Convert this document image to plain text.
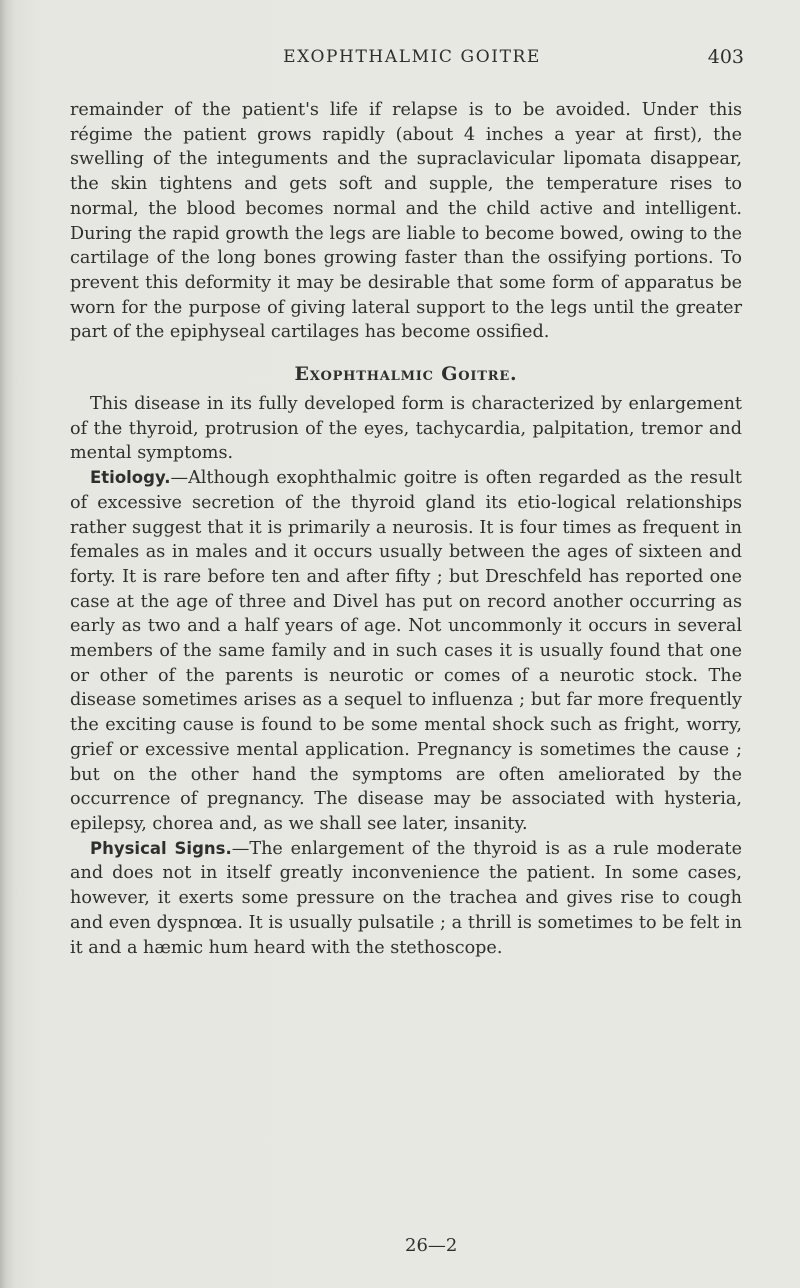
EXOPHTHALMIC GOITRE	403

remainder of the patient's life if relapse is to be avoided. Under this régime the patient grows rapidly (about 4 inches a year at first), the swelling of the integuments and the supraclavicular lipomata disappear, the skin tightens and gets soft and supple, the temperature rises to normal, the blood becomes normal and the child active and intelligent. During the rapid growth the legs are liable to become bowed, owing to the cartilage of the long bones growing faster than the ossifying portions. To prevent this deformity it may be desirable that some form of apparatus be worn for the purpose of giving lateral support to the legs until the greater part of the epiphyseal cartilages has become ossified.

Exophthalmic Goitre.

This disease in its fully developed form is characterized by enlargement of the thyroid, protrusion of the eyes, tachycardia, palpitation, tremor and mental symptoms.

Etiology.—Although exophthalmic goitre is often regarded as the result of excessive secretion of the thyroid gland its etio-logical relationships rather suggest that it is primarily a neurosis. It is four times as frequent in females as in males and it occurs usually between the ages of sixteen and forty. It is rare before ten and after fifty ; but Dreschfeld has reported one case at the age of three and Divel has put on record another occurring as early as two and a half years of age. Not uncommonly it occurs in several members of the same family and in such cases it is usually found that one or other of the parents is neurotic or comes of a neurotic stock. The disease sometimes arises as a sequel to influenza ; but far more frequently the exciting cause is found to be some mental shock such as fright, worry, grief or excessive mental application. Pregnancy is sometimes the cause ; but on the other hand the symptoms are often ameliorated by the occurrence of pregnancy. The disease may be associated with hysteria, epilepsy, chorea and, as we shall see later, insanity.

Physical Signs.—The enlargement of the thyroid is as a rule moderate and does not in itself greatly inconvenience the patient. In some cases, however, it exerts some pressure on the trachea and gives rise to cough and even dyspnœa. It is usually pulsatile ; a thrill is sometimes to be felt in it and a hæmic hum heard with the stethoscope.

26—2
